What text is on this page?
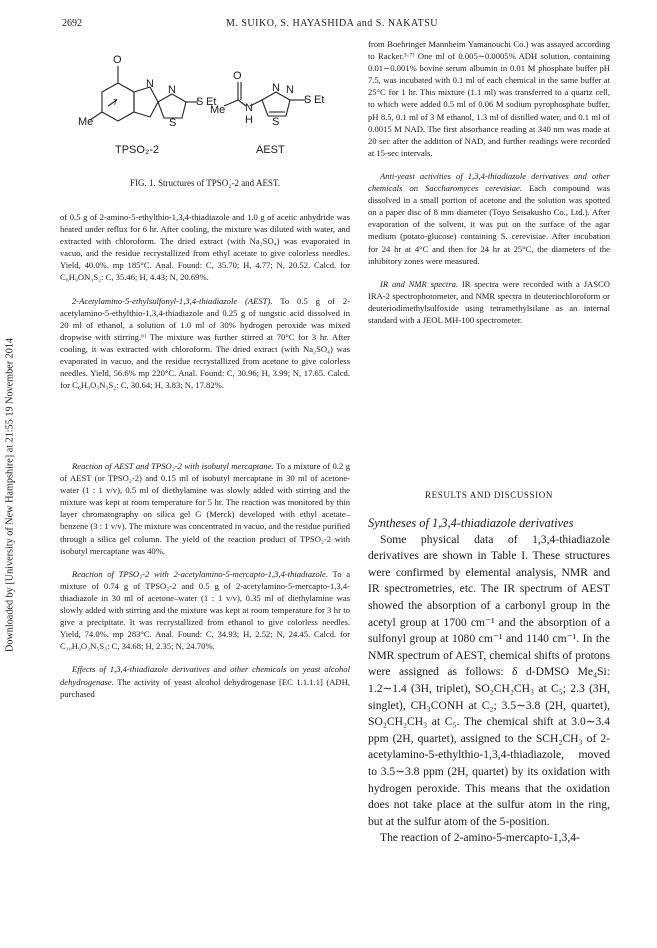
2692	M. SUIKO, S. HAYASHIDA and S. NAKATSU
Downloaded by [University of New Hampshire] at 21:55 19 November 2014
O
Me
7
N N
S
S Et
O
Me N
H
N N
S
S Et
TPSO₂-2	AEST
FIG. 1. Structures of TPSO₂-2 and AEST.

of 0.5 g of 2-amino-5-ethylthio-1,3,4-thiadiazole and 1.0 g of acetic anhydride was heated under reflux for 6 hr. After cooling, the mixture was diluted with water, and extracted with chloroform. The dried extract (with Na₂SO₄) was evaporated in vacuo, and the residue recrystallized from ethyl acetate to give colorless needles. Yield, 40.0%. mp 185°C. Anal. Found: C, 35.70; H, 4.77; N, 20.52. Calcd. for C₆H₉ON₃S₂: C, 35.46; H, 4.43; N, 20.69%.

2-Acetylamino-5-ethylsulfonyl-1,3,4-thiadiazole (AEST). To 0.5 g of 2-acetylamino-5-ethylthio-1,3,4-thiadiazole and 0.25 g of tungstic acid dissolved in 20 ml of ethanol, a solution of 1.0 ml of 30% hydrogen peroxide was mixed dropwise with stirring.⁶⁾ The mixture was further stirred at 70°C for 3 hr. After cooling, it was extracted with chloroform. The dried extract (with Na₂SO₄) was evaporated in vacuo, and the residue recrystallized from acetone to give colorless needles. Yield, 56.6% mp 220°C. Anal. Found: C, 30.96; H, 3.99; N, 17.65. Calcd. for C₆H₉O₃N₃S₂: C, 30.64; H, 3.83; N, 17.82%.

Reaction of AEST and TPSO₂-2 with isobutyl mercaptane. To a mixture of 0.2 g of AEST (or TPSO₂-2) and 0.15 ml of isobutyl mercaptane in 30 ml of acetone-water (1 : 1 v/v), 0.5 ml of diethylamine was slowly added with stirring and the mixture was kept at room temperature for 5 hr. The reaction was monitored by thin layer chromatography on silica gel G (Merck) developed with ethyl acetate–benzene (3 : 1 v/v). The mixture was concentrated in vacuo, and the residue purified through a silica gel column. The yield of the reaction product of TPSO₂-2 with isobutyl mercaptane was 40%.

Reaction of TPSO₂-2 with 2-acetylamino-5-mercapto-1,3,4-thiadiazole. To a mixture of 0.74 g of TPSO₂-2 and 0.5 g of 2-acetylamino-5-mercapto-1,3,4-thiadiazole in 30 ml of acetone–water (1 : 1 v/v), 0.35 ml of diethylamine was slowly added with stirring and the mixture was kept at room temperature for 3 hr to give a precipitate. It was recrystallized from ethanol to give colorless needles. Yield, 74.0%. mp 283°C. Anal. Found: C, 34.93; H, 2.52; N, 24.45. Calcd. for C₁₀H₉O₂N₅S₃: C, 34.68; H, 2.35; N, 24.70%.

Effects of 1,3,4-thiadiazole derivatives and other chemicals on yeast alcohol dehydrogenase. The activity of yeast alcohol dehydrogenase [EC 1.1.1.1] (ADH, purchased

from Boehringer Mannheim Yamanouchi Co.) was assayed according to Racker.³·⁷⁾ One ml of 0.005∼0.0005% ADH solution, containing 0.01∼0.001% bovine serum albumin in 0.01 M phosphate buffer pH 7.5, was incubated with 0.1 ml of each chemical in the same buffer at 25°C for 1 hr. This mixture (1.1 ml) was transferred to a quartz cell, to which were added 0.5 ml of 0.06 M sodium pyrophosphate buffer, pH 8.5, 0.1 ml of 3 M ethanol, 1.3 ml of distilled water, and 0.1 ml of 0.0015 M NAD. The first absorbance reading at 340 nm was made at 20 sec after the addition of NAD, and further readings were recorded at 15-sec intervals.

Anti-yeast activities of 1,3,4-thiadiazole derivatives and other chemicals on Saccharomyces cerevisiae. Each compound was dissolved in a small portion of acetone and the solution was spotted on a paper disc of 8 mm diameter (Toyo Seisakusho Co., Ltd.). After evaporation of the solvent, it was put on the surface of the agar medium (potato-glucose) containing S. cerevisiae. After incubation for 24 hr at 4°C and then for 24 hr at 25°C, the diameters of the inhibitory zones were measured.

IR and NMR spectra. IR spectra were recorded with a JASCO IRA-2 spectrophotometer, and NMR spectra in deuteriochloroform or deuteriodimethylsulfoxide using tetramethylsilane as an internal standard with a JEOL MH-100 spectrometer.

RESULTS AND DISCUSSION

Syntheses of 1,3,4-thiadiazole derivatives

Some physical data of 1,3,4-thiadiazole derivatives are shown in Table I. These structures were confirmed by elemental analysis, NMR and IR spectrometries, etc. The IR spectrum of AEST showed the absorption of a carbonyl group in the acetyl group at 1700 cm⁻¹ and the absorption of a sulfonyl group at 1080 cm⁻¹ and 1140 cm⁻¹. In the NMR spectrum of AEST, chemical shifts of protons were assigned as follows: δ d-DMSO Me₄Si: 1.2∼1.4 (3H, triplet), SO₂CH₂CH₃ at C₅; 2.3 (3H, singlet), CH₃CONH at C₂; 3.5∼3.8 (2H, quartet), SO₂CH₂CH₃ at C₅. The chemical shift at 3.0∼3.4 ppm (2H, quartet), assigned to the SCH₂CH₃ of 2-acetylamino-5-ethylthio-1,3,4-thiadiazole, moved to 3.5∼3.8 ppm (2H, quartet) by its oxidation with hydrogen peroxide. This means that the oxidation does not take place at the sulfur atom in the ring, but at the sulfur atom of the 5-position.

The reaction of 2-amino-5-mercapto-1,3,4-
